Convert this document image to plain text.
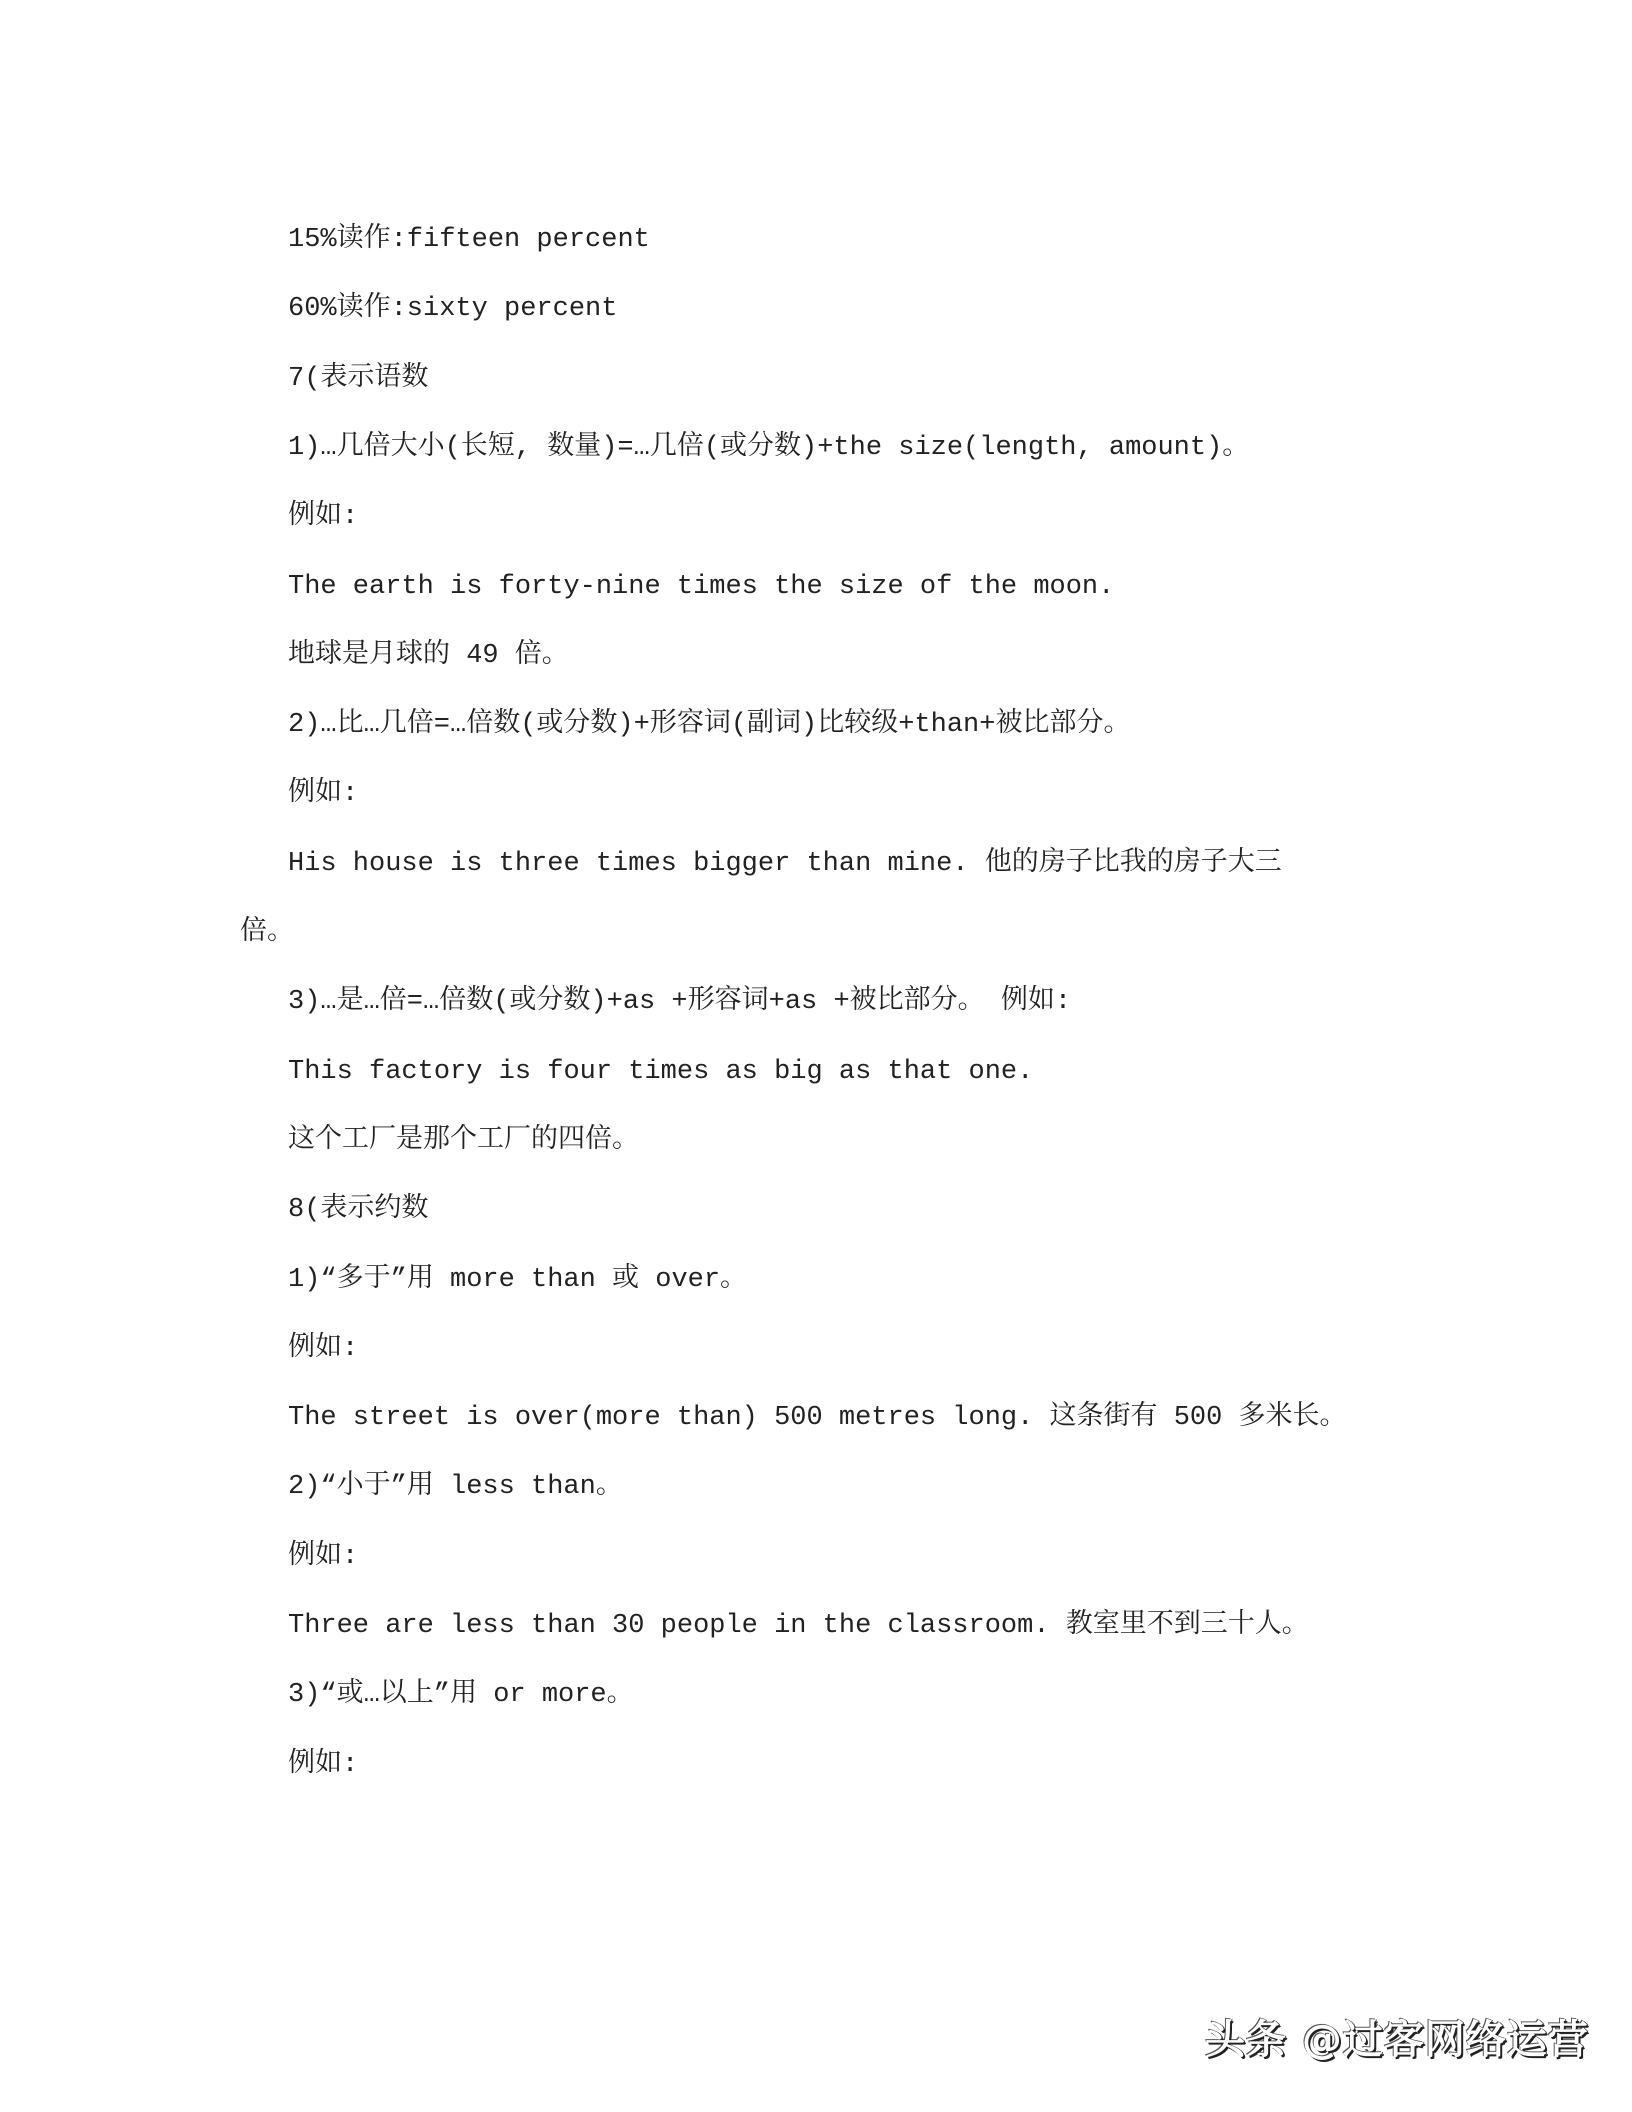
15%读作:fifteen percent
60%读作:sixty percent
7(表示语数
1)…几倍大小(长短, 数量)=…几倍(或分数)+the size(length, amount)。
例如:
The earth is forty-nine times the size of the moon.
地球是月球的 49 倍。
2)…比…几倍=…倍数(或分数)+形容词(副词)比较级+than+被比部分。
例如:
His house is three times bigger than mine. 他的房子比我的房子大三
倍。
3)…是…倍=…倍数(或分数)+as +形容词+as +被比部分。 例如:
This factory is four times as big as that one.
这个工厂是那个工厂的四倍。
8(表示约数
1)“多于”用 more than 或 over。
例如:
The street is over(more than) 500 metres long. 这条街有 500 多米长。
2)“小于”用 less than。
例如:
Three are less than 30 people in the classroom. 教室里不到三十人。
3)“或…以上”用 or more。
例如:
头条 @过客网络运营
